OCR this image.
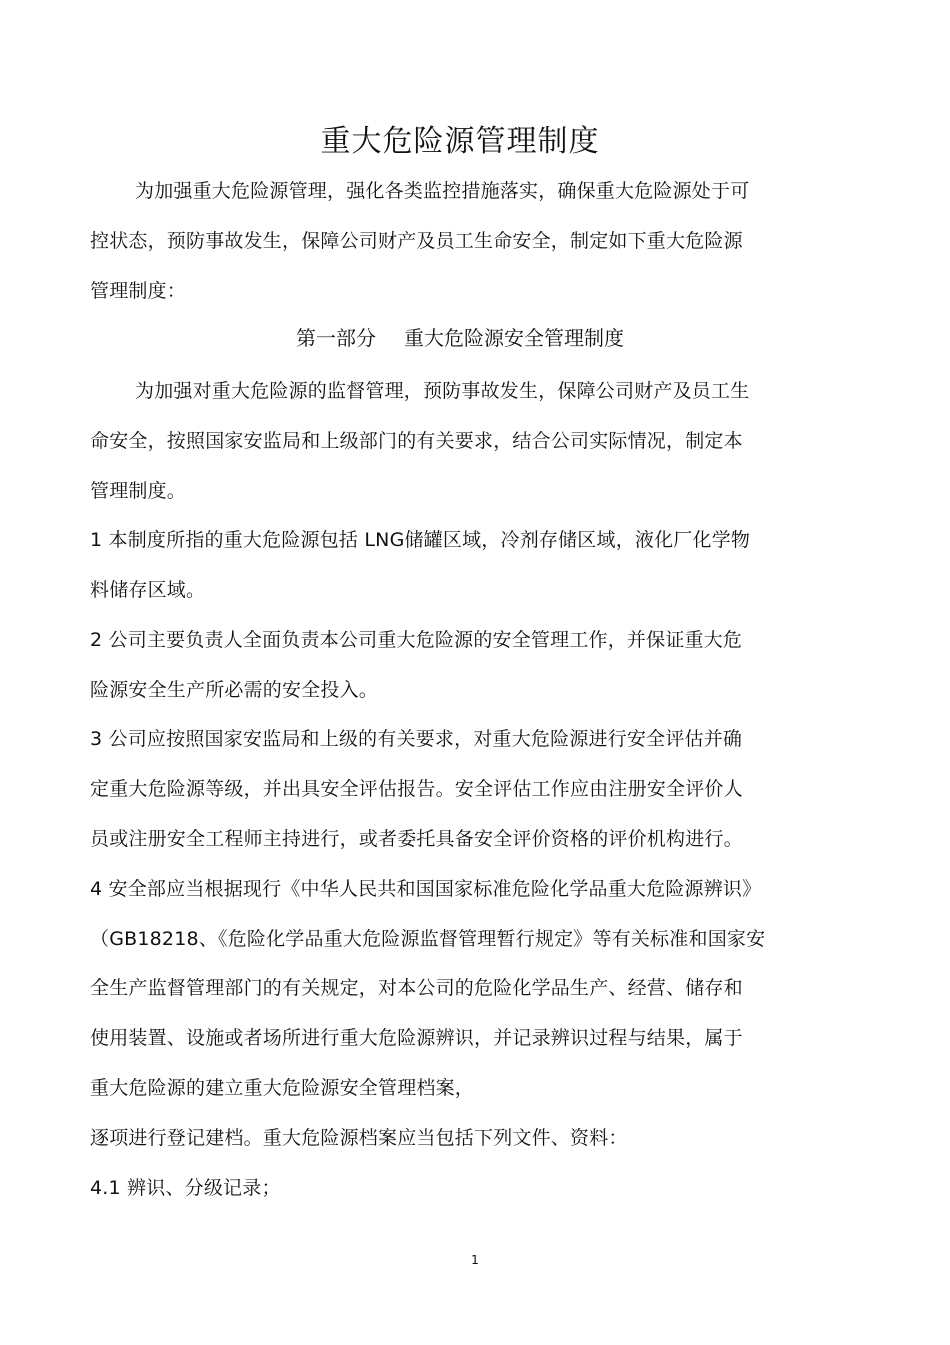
重大危险源管理制度
为加强重大危险源管理，强化各类监控措施落实，确保重大危险源处于可
控状态，预防事故发生，保障公司财产及员工生命安全，制定如下重大危险源
管理制度：
第一部分 重大危险源安全管理制度
为加强对重大危险源的监督管理，预防事故发生，保障公司财产及员工生
命安全，按照国家安监局和上级部门的有关要求，结合公司实际情况，制定本
管理制度。
1 本制度所指的重大危险源包括 LNG储罐区域，冷剂存储区域，液化厂化学物
料储存区域。
2 公司主要负责人全面负责本公司重大危险源的安全管理工作，并保证重大危
险源安全生产所必需的安全投入。
3 公司应按照国家安监局和上级的有关要求，对重大危险源进行安全评估并确
定重大危险源等级，并出具安全评估报告。安全评估工作应由注册安全评价人
员或注册安全工程师主持进行，或者委托具备安全评价资格的评价机构进行。
4 安全部应当根据现行《中华人民共和国国家标准危险化学品重大危险源辨识》
（GB18218、《危险化学品重大危险源监督管理暂行规定》等有关标准和国家安
全生产监督管理部门的有关规定，对本公司的危险化学品生产、经营、储存和
使用装置、设施或者场所进行重大危险源辨识，并记录辨识过程与结果，属于
重大危险源的建立重大危险源安全管理档案，
逐项进行登记建档。重大危险源档案应当包括下列文件、资料：
4.1 辨识、分级记录；
1
